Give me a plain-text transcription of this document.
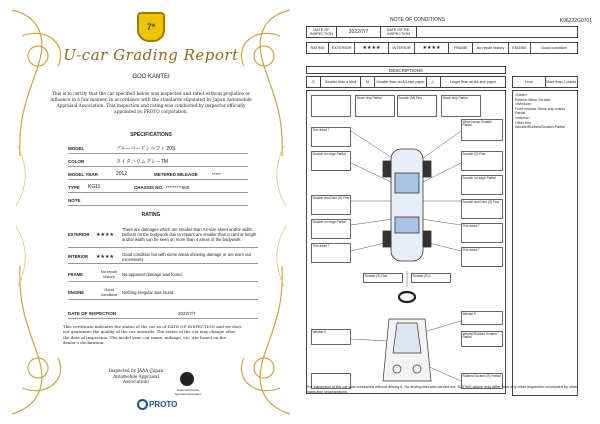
7*
U-car Grading Report
GOO KANTEI
This is to certify that the car specified below was inspected and rated without prejudice or influence in a fair manner, in accordance with the standards stipulated by Japan Automobile Appraisal Association. This inspection and rating was conducted by inspector officially appointed by PROTO corporation.
SPECIFICATIONS
MODEL	ブルーバードシルフィ 20S
COLOR	タイタニウムグレーTM
MODEL YEAR	2012	METERED MILEAGE	*****
TYPE	KG11	CHASSIS NO. *********560
NOTE
RATING
EXTERIOR	★★★★
There are damages which are smaller than A4-size sheet and/or width. Defects on the bodywork due to repairs are smaller than a card or length and/or width can be seen on more than 4 areas of the bodywork.
INTERIOR	★★★★	Good condition but with some areas showing damage or are worn out excessively
FRAME
No repair history	No apparent damage was found.
ENGINE
Good condition	Nothing irregular was found.
DATE OF INSPECTION	2022/7/7
This certificate indicates the status of the car as of DATE OF INSPECTION and we does not guarantee the quality of the car onwards. The status of the car may change after the date of inspection. The model year, car name, mileage, etc, are based on the dealer's declaration.
Inspected by JAAA (Japan Automobile Appraisal Association)
Japan Automobile Appraisal Association
PROTO
NOTE OF CONDITIONS	K96222G0701
DATE OF INSPECTION	2022/7/7	DATE OF RE-INSPECTION
RATING	EXTERIOR	★★★★	INTERIOR	★★★★	FRAME	No repair history	ENGINE	Good condition
DESCRIPTIONS
S	Smaller than a card	M	Smaller than an A4-size paper	L	Larger than an A4-size paper	Less	More than 2 points
<Note>
Exterior Minor Scratch
<Window>
Front window Stone chip marks Partial
<Interior>
Other trim
Wrinkle/Rubbed/Scratch Partial
Stone chip Partial	Scratch (M) Few	Stone chip Partial
Wheel scrap Scratch Partial
Thin tread 7
Scratch on edge Partial	Scratch (S) Few
Scratch on edge Partial
Scratch and Dent (S) Few
Scratch on edge Partial
Scratch and Dent (S) Few
Thin tread 7
Thin tread 7
Thin tread 7
Scratch (S) Few	Scratch (S) L
Wrinkle S
Wrinkle S	Wrinkle/Rubbed Scratch Partial
Rubbed Scratch (S) Partial
The inspection of the car was conducted without driving it. No driving test was carried out. RATING above may differ from any other inspection conducted by other inspection organizations.
